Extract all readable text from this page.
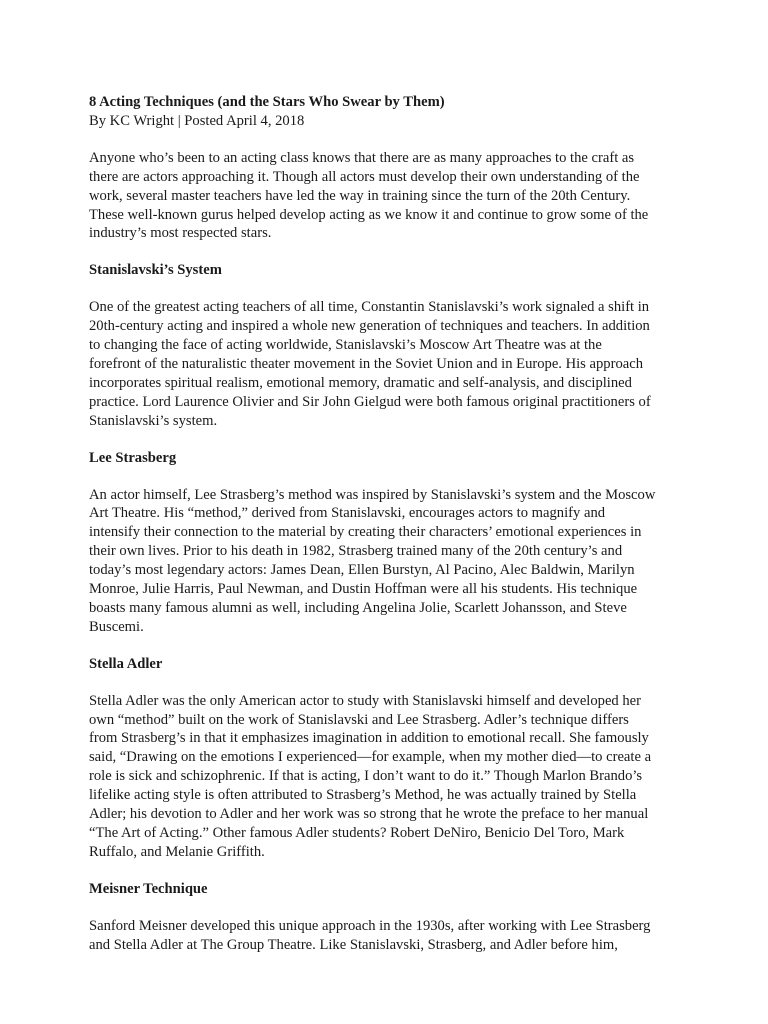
8 Acting Techniques (and the Stars Who Swear by Them)
By KC Wright | Posted April 4, 2018
Anyone who’s been to an acting class knows that there are as many approaches to the craft as
there are actors approaching it. Though all actors must develop their own understanding of the
work, several master teachers have led the way in training since the turn of the 20th Century.
These well-known gurus helped develop acting as we know it and continue to grow some of the
industry’s most respected stars.
Stanislavski’s System
One of the greatest acting teachers of all time, Constantin Stanislavski’s work signaled a shift in
20th-century acting and inspired a whole new generation of techniques and teachers. In addition
to changing the face of acting worldwide, Stanislavski’s Moscow Art Theatre was at the
forefront of the naturalistic theater movement in the Soviet Union and in Europe. His approach
incorporates spiritual realism, emotional memory, dramatic and self-analysis, and disciplined
practice. Lord Laurence Olivier and Sir John Gielgud were both famous original practitioners of
Stanislavski’s system.
Lee Strasberg
An actor himself, Lee Strasberg’s method was inspired by Stanislavski’s system and the Moscow
Art Theatre. His “method,” derived from Stanislavski, encourages actors to magnify and
intensify their connection to the material by creating their characters’ emotional experiences in
their own lives. Prior to his death in 1982, Strasberg trained many of the 20th century’s and
today’s most legendary actors: James Dean, Ellen Burstyn, Al Pacino, Alec Baldwin, Marilyn
Monroe, Julie Harris, Paul Newman, and Dustin Hoffman were all his students. His technique
boasts many famous alumni as well, including Angelina Jolie, Scarlett Johansson, and Steve
Buscemi.
Stella Adler
Stella Adler was the only American actor to study with Stanislavski himself and developed her
own “method” built on the work of Stanislavski and Lee Strasberg. Adler’s technique differs
from Strasberg’s in that it emphasizes imagination in addition to emotional recall. She famously
said, “Drawing on the emotions I experienced—for example, when my mother died—to create a
role is sick and schizophrenic. If that is acting, I don’t want to do it.” Though Marlon Brando’s
lifelike acting style is often attributed to Strasberg’s Method, he was actually trained by Stella
Adler; his devotion to Adler and her work was so strong that he wrote the preface to her manual
“The Art of Acting.” Other famous Adler students? Robert DeNiro, Benicio Del Toro, Mark
Ruffalo, and Melanie Griffith.
Meisner Technique
Sanford Meisner developed this unique approach in the 1930s, after working with Lee Strasberg
and Stella Adler at The Group Theatre. Like Stanislavski, Strasberg, and Adler before him,
